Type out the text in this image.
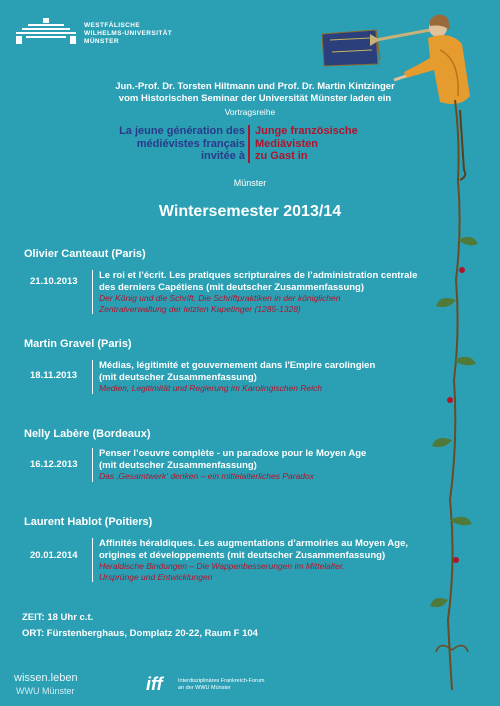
WESTFÄLISCHE
WILHELMS-UNIVERSITÄT
MÜNSTER
Jun.-Prof. Dr. Torsten Hiltmann und Prof. Dr. Martin Kintzinger
vom Historischen Seminar der Universität Münster laden ein
Vortragsreihe
La jeune génération des
médiévistes français
invitée à
Junge französische
Mediävisten
zu Gast in
Münster
Wintersemester 2013/14
Olivier Canteaut (Paris)
21.10.2013
Le roi et l’écrit. Les pratiques scripturaires de l’administration centrale
des derniers Capétiens (mit deutscher Zusammenfassung)
Der König und die Schrift. Die Schriftpraktiken in der königlichen
Zentralverwaltung der letzten Kapetinger (1285-1328)
Martin Gravel (Paris)
18.11.2013
Médias, légitimité et gouvernement dans l'Empire carolingien
(mit deutscher Zusammenfassung)
Medien, Legitimität und Regierung im Karolingischen Reich
Nelly Labère (Bordeaux)
16.12.2013
Penser l’oeuvre complète - un paradoxe pour le Moyen Age
(mit deutscher Zusammenfassung)
Das ‚Gesamtwerk‘ denken – ein mittelalterliches Paradox
Laurent Hablot (Poitiers)
20.01.2014
Affinités héraldiques. Les augmentations d’armoiries au Moyen Age,
origines et développements (mit deutscher Zusammenfassung)
Heraldische Bindungen – Die Wappenbesserungen im Mittelalter.
Ursprünge und Entwicklungen
ZEIT: 18 Uhr c.t.
ORT: Fürstenberghaus, Domplatz 20-22, Raum F 104
wissen.leben
WWU Münster	iff	Interdisziplinäres Frankreich-Forum
an der WWU Münster
